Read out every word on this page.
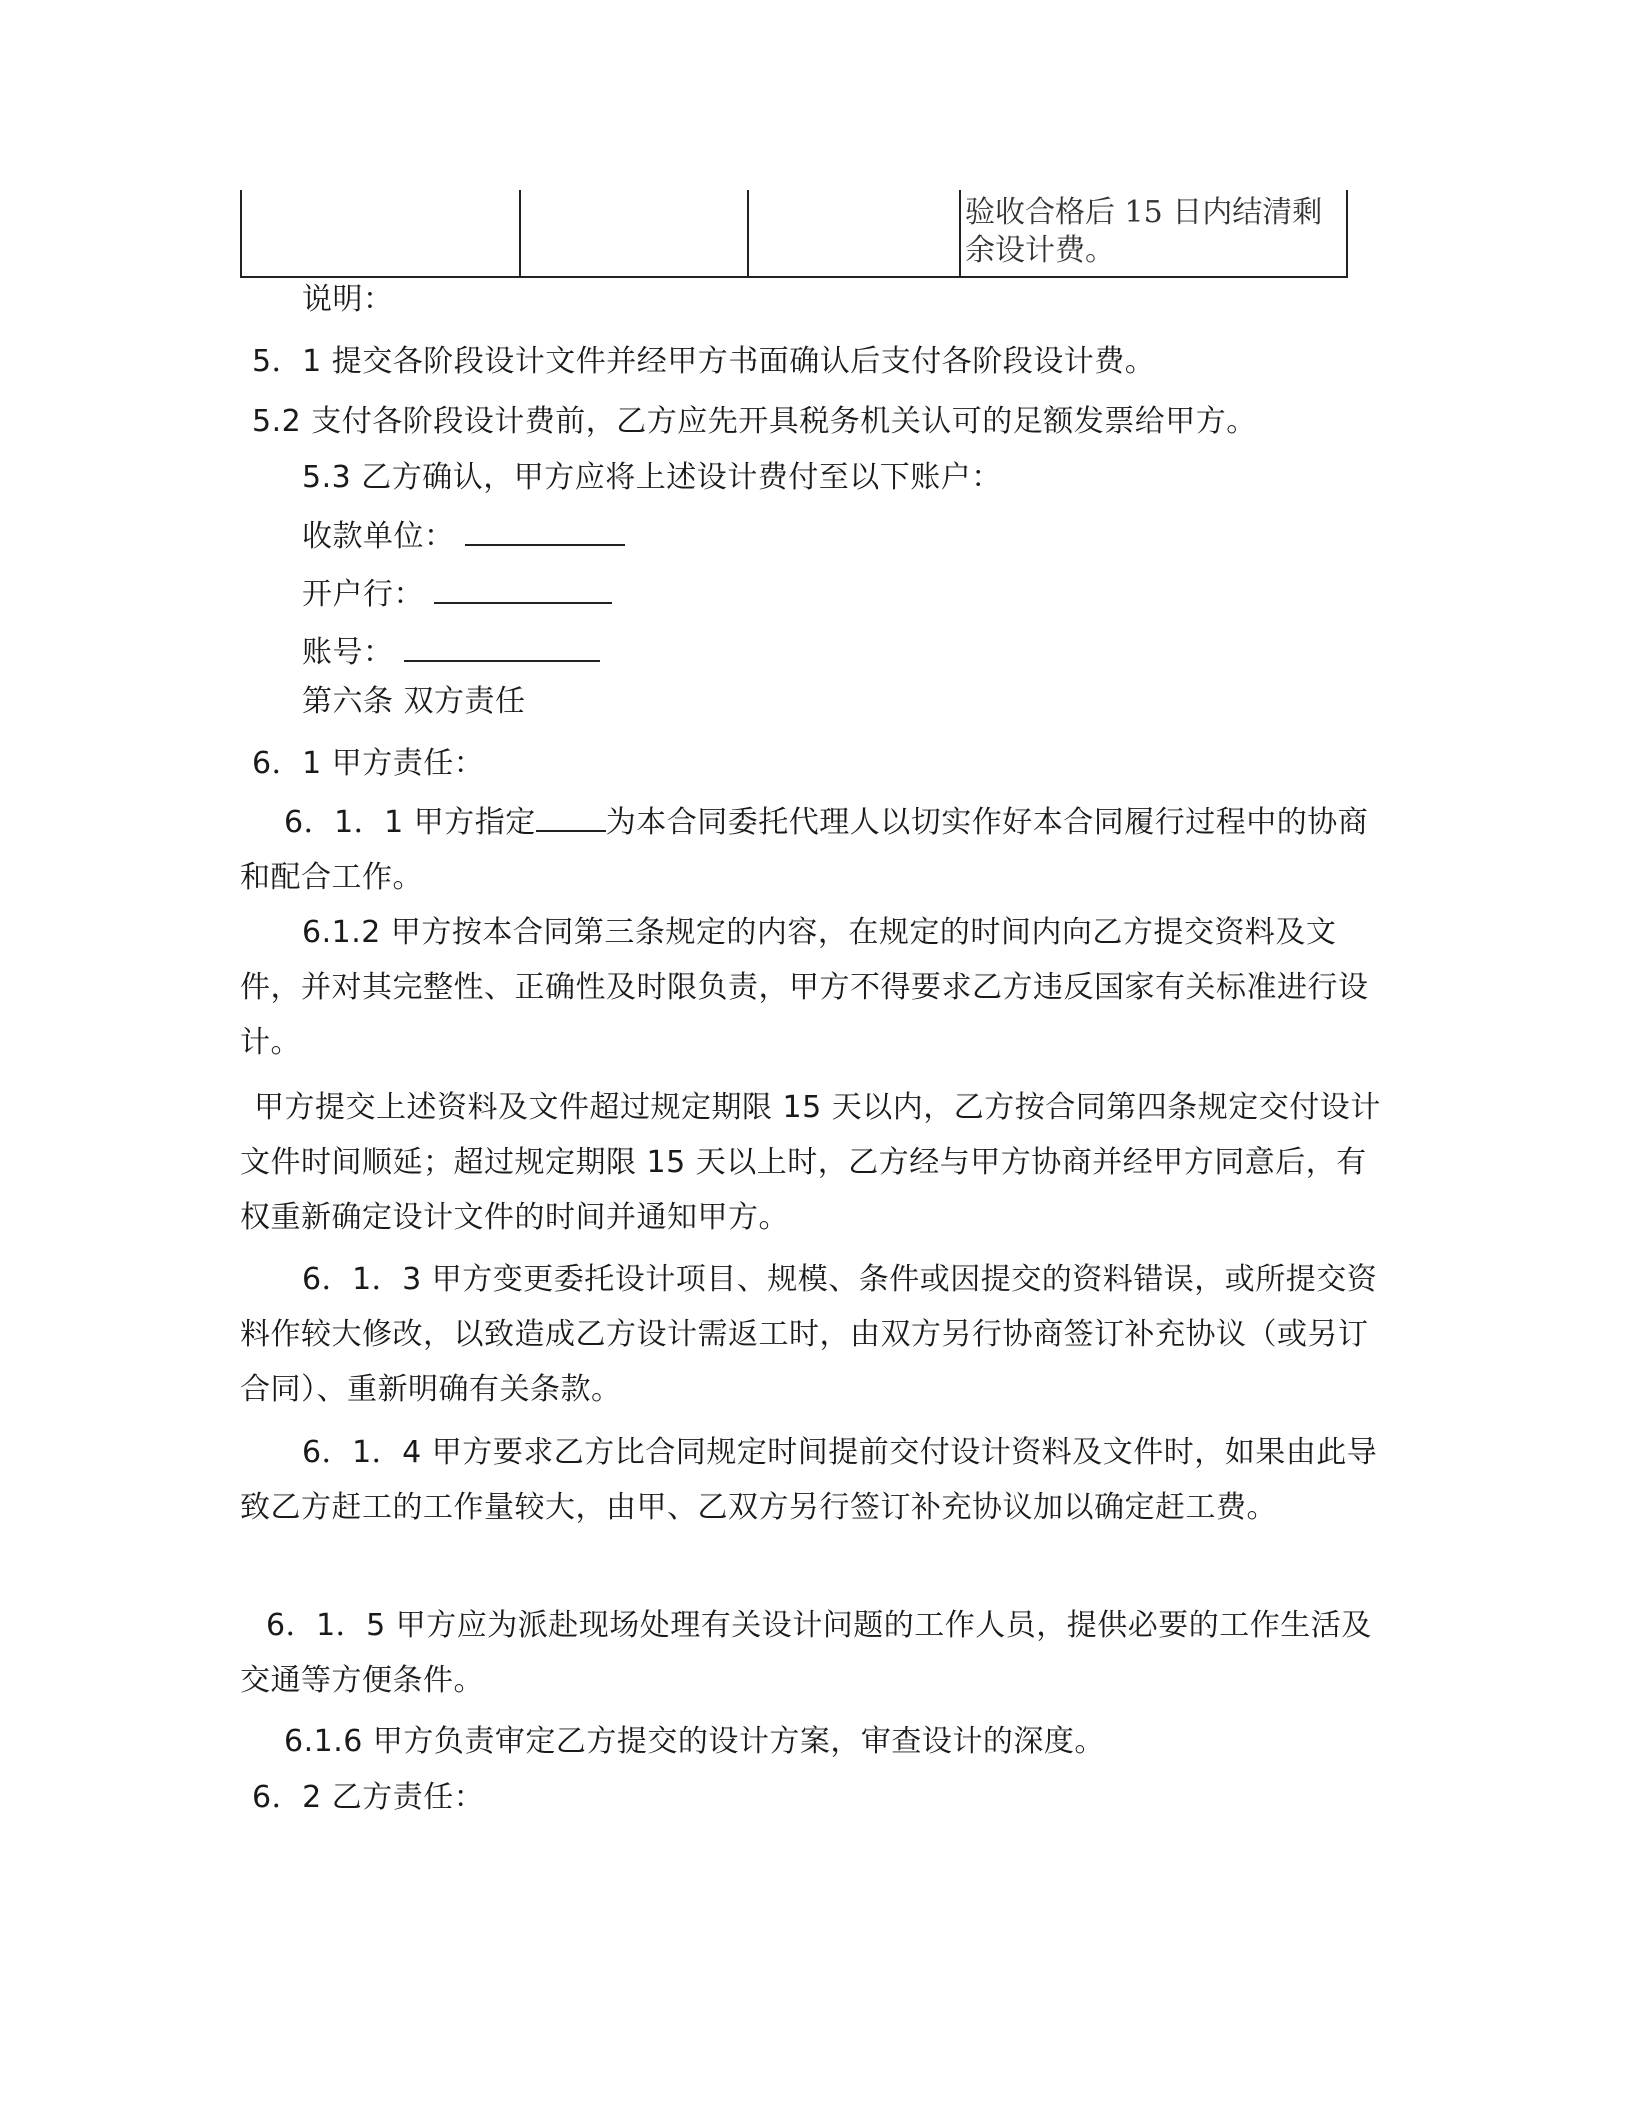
验收合格后 15 日内结清剩余设计费。
说明：
5．1 提交各阶段设计文件并经甲方书面确认后支付各阶段设计费。
5.2 支付各阶段设计费前，乙方应先开具税务机关认可的足额发票给甲方。
5.3 乙方确认，甲方应将上述设计费付至以下账户：
收款单位：
开户行：
账号：
第六条 双方责任
6．1 甲方责任：
6．1．1 甲方指定 为本合同委托代理人以切实作好本合同履行过程中的协商和配合工作。
6.1.2 甲方按本合同第三条规定的内容，在规定的时间内向乙方提交资料及文件，并对其完整性、正确性及时限负责，甲方不得要求乙方违反国家有关标准进行设计。
甲方提交上述资料及文件超过规定期限 15 天以内，乙方按合同第四条规定交付设计文件时间顺延；超过规定期限 15 天以上时，乙方经与甲方协商并经甲方同意后，有权重新确定设计文件的时间并通知甲方。
6．1．3 甲方变更委托设计项目、规模、条件或因提交的资料错误，或所提交资料作较大修改，以致造成乙方设计需返工时，由双方另行协商签订补充协议（或另订合同）、重新明确有关条款。
6．1．4 甲方要求乙方比合同规定时间提前交付设计资料及文件时，如果由此导致乙方赶工的工作量较大，由甲、乙双方另行签订补充协议加以确定赶工费。
6．1．5 甲方应为派赴现场处理有关设计问题的工作人员，提供必要的工作生活及交通等方便条件。
6.1.6 甲方负责审定乙方提交的设计方案，审查设计的深度。
6．2 乙方责任：
